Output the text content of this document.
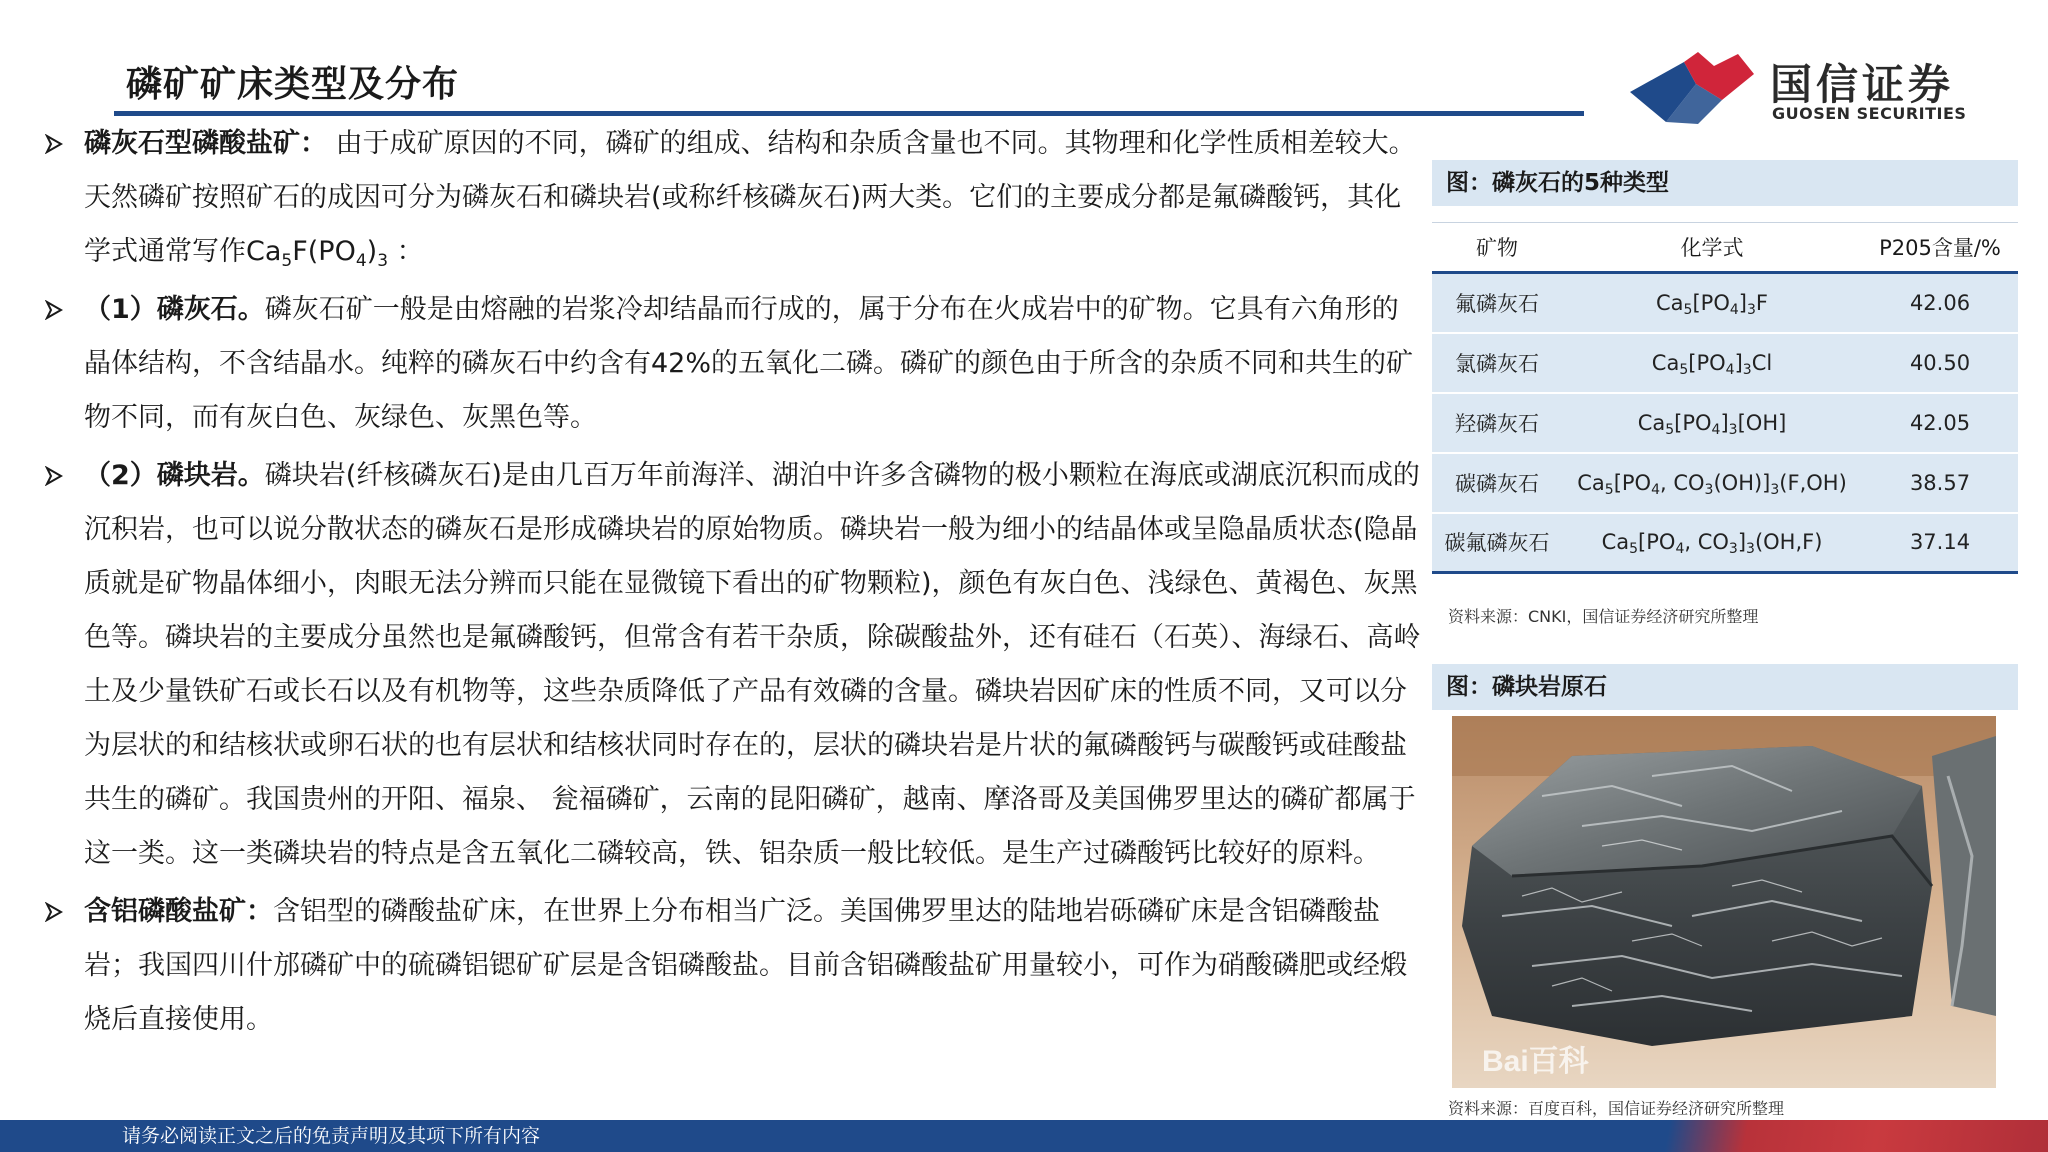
磷矿矿床类型及分布	国信证券
GUOSEN SECURITIES
磷灰石型磷酸盐矿： 由于成矿原因的不同，磷矿的组成、结构和杂质含量也不同。其物理和化学性质相差较大。天然磷矿按照矿石的成因可分为磷灰石和磷块岩(或称纤核磷灰石)两大类。它们的主要成分都是氟磷酸钙，其化学式通常写作$Ca_5F(PO_4)_3$ ：
（1）磷灰石。磷灰石矿一般是由熔融的岩浆冷却结晶而行成的，属于分布在火成岩中的矿物。它具有六角形的晶体结构，不含结晶水。纯粹的磷灰石中约含有42%的五氧化二磷。磷矿的颜色由于所含的杂质不同和共生的矿物不同，而有灰白色、灰绿色、灰黑色等。
（2）磷块岩。磷块岩(纤核磷灰石)是由几百万年前海洋、湖泊中许多含磷物的极小颗粒在海底或湖底沉积而成的沉积岩，也可以说分散状态的磷灰石是形成磷块岩的原始物质。磷块岩一般为细小的结晶体或呈隐晶质状态(隐晶质就是矿物晶体细小，肉眼无法分辨而只能在显微镜下看出的矿物颗粒)，颜色有灰白色、浅绿色、黄褐色、灰黑色等。磷块岩的主要成分虽然也是氟磷酸钙，但常含有若干杂质，除碳酸盐外，还有硅石（石英）、海绿石、高岭土及少量铁矿石或长石以及有机物等，这些杂质降低了产品有效磷的含量。磷块岩因矿床的性质不同，又可以分为层状的和结核状或卵石状的也有层状和结核状同时存在的，层状的磷块岩是片状的氟磷酸钙与碳酸钙或硅酸盐共生的磷矿。我国贵州的开阳、福泉、 瓮福磷矿，云南的昆阳磷矿，越南、摩洛哥及美国佛罗里达的磷矿都属于这一类。这一类磷块岩的特点是含五氧化二磷较高，铁、铝杂质一般比较低。是生产过磷酸钙比较好的原料。
含铝磷酸盐矿：含铝型的磷酸盐矿床，在世界上分布相当广泛。美国佛罗里达的陆地岩砾磷矿床是含铝磷酸盐岩；我国四川什邡磷矿中的硫磷铝锶矿矿层是含铝磷酸盐。目前含铝磷酸盐矿用量较小，可作为硝酸磷肥或经煅烧后直接使用。
图：磷灰石的5种类型
矿物	化学式	P205含量/%
氟磷灰石	$Ca_5[PO_4]_3F$	42.06
氯磷灰石	$Ca_5[PO_4]_3Cl$	40.50
羟磷灰石	$Ca_5[PO_4]_3[OH]$	42.05
碳磷灰石	$Ca_5[PO_4$, $CO_3(OH)]_3(F,OH)$	38.57
碳氟磷灰石	$Ca_5[PO_4$, $CO_3]_3(OH,F)$	37.14
资料来源：CNKI，国信证券经济研究所整理
图：磷块岩原石
Bai百科
资料来源：百度百科，国信证券经济研究所整理
请务必阅读正文之后的免责声明及其项下所有内容
